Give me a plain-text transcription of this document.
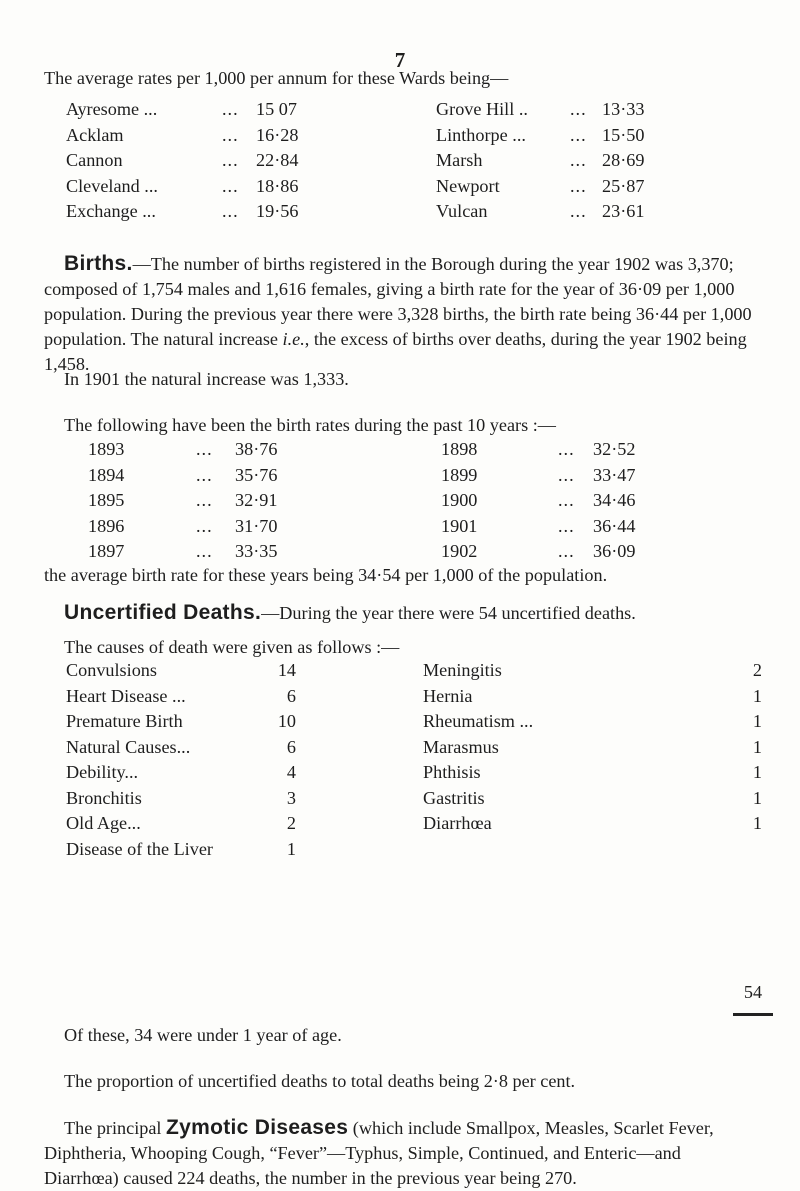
7

The average rates per 1,000 per annum for these Wards being—

Ayresome ...	... 15 07	Grove Hill .. ... 13·33
Acklam	... 16·28	Linthorpe ... ... 15·50
Cannon	... 22·84	Marsh	... 28·69
Cleveland ...	... 18·86	Newport	... 25·87
Exchange ...	... 19·56	Vulcan	... 23·61

Births.—The number of births registered in the Borough during the year 1902 was 3,370; composed of 1,754 males and 1,616 females, giving a birth rate for the year of 36·09 per 1,000 population. During the previous year there were 3,328 births, the birth rate being 36·44 per 1,000 population. The natural increase i.e., the excess of births over deaths, during the year 1902 being 1,458.

In 1901 the natural increase was 1,333.

The following have been the birth rates during the past 10 years :—

1893	... 38·76	1898	... 32·52
1894	... 35·76	1899	... 33·47
1895	... 32·91	1900	... 34·46
1896	... 31·70	1901	... 36·44
1897	... 33·35	1902	... 36·09

the average birth rate for these years being 34·54 per 1,000 of the population.

Uncertified Deaths.—During the year there were 54 uncertified deaths.

The causes of death were given as follows :—

Convulsions	14	Meningitis	2
Heart Disease ...	6	Hernia	1
Premature Birth	10	Rheumatism ...	1
Natural Causes...	6	Marasmus	1
Debility...	4	Phthisis	1
Bronchitis	3	Gastritis	1
Old Age...	2	Diarrhœa	1
Disease of the Liver	1
54

Of these, 34 were under 1 year of age.

The proportion of uncertified deaths to total deaths being 2·8 per cent.

The principal Zymotic Diseases (which include Smallpox, Measles, Scarlet Fever, Diphtheria, Whooping Cough, “Fever”—Typhus, Simple, Continued, and Enteric—and Diarrhœa) caused 224 deaths, the number in the previous year being 270.
